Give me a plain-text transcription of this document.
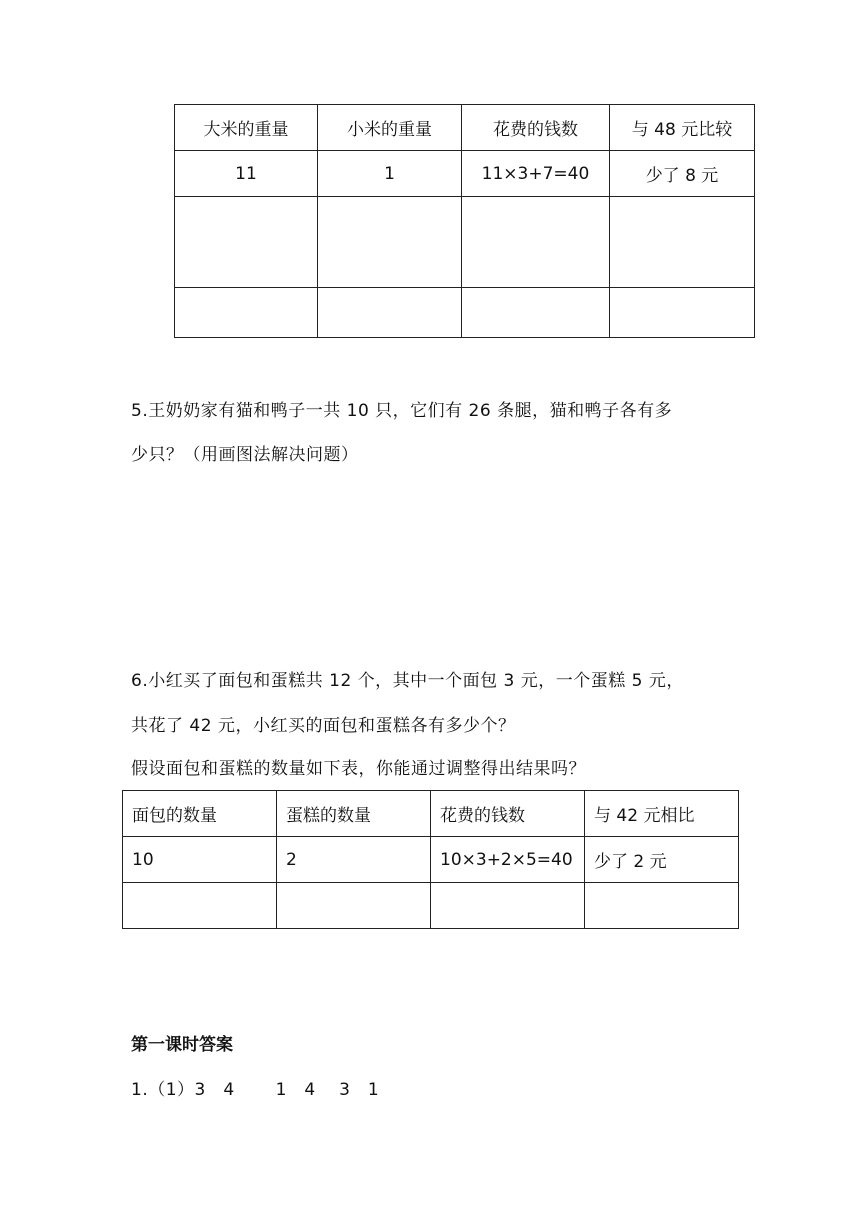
大米的重量	小米的重量	花费的钱数	与 48 元比较
11	1	11×3+7=40	少了 8 元

5.王奶奶家有猫和鸭子一共 10 只，它们有 26 条腿，猫和鸭子各有多
少只？（用画图法解决问题）
6.小红买了面包和蛋糕共 12 个，其中一个面包 3 元，一个蛋糕 5 元，
共花了 42 元，小红买的面包和蛋糕各有多少个？
假设面包和蛋糕的数量如下表，你能通过调整得出结果吗？
面包的数量	蛋糕的数量	花费的钱数	与 42 元相比
10	2	10×3+2×5=40	少了 2 元

第一课时答案
1.（1）3　4　　 1　4　 3　1
